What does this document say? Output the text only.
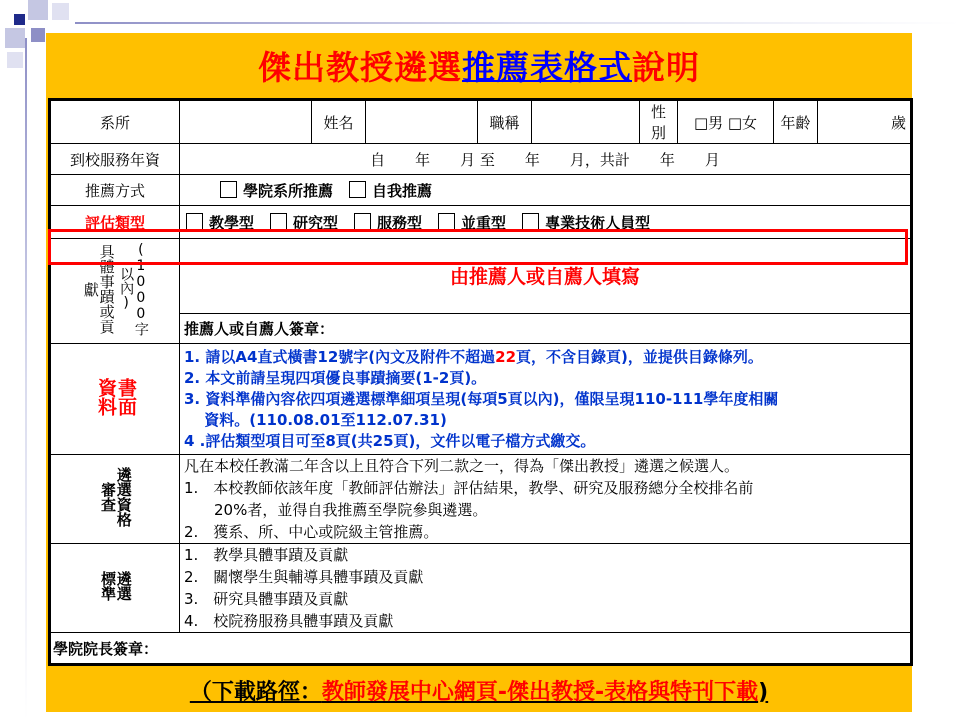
傑出教授遴選推薦表格式說明
系所		姓名		職稱		性別	□男 □女	年齡	歲
到校服務年資	自　　年　　月 至　　年　　月，共計　　年　　月								
推薦方式	學院系所推薦 自我推薦								
評估類型	教學型 研究型 服務型 並重型 專業技術人員型								
具體事蹟或貢獻 (1000字以內)	由推薦人或自薦人填寫								
	推薦人或自薦人簽章：								
書面資料	1. 請以A4直式橫書12號字(內文及附件不超過22頁，不含目錄頁)，並提供目錄條列。
2. 本文前請呈現四項優良事蹟摘要(1-2頁)。
3. 資料準備內容依四項遴選標準細項呈現(每項5頁以內)，僅限呈現110-111學年度相關
　 資料。(110.08.01至112.07.31)
4 .評估類型項目可至8頁(共25頁)，文件以電子檔方式繳交。								

遴選資格審查	凡在本校任教滿二年含以上且符合下列二款之一，得為「傑出教授」遴選之候選人。
1.　本校教師依該年度「教師評估辦法」評估結果，教學、研究及服務總分全校排名前
　　20%者，並得自我推薦至學院參與遴選。
2.　獲系、所、中心或院級主管推薦。								

遴選標準	1.　教學具體事蹟及貢獻
2.　關懷學生與輔導具體事蹟及貢獻
3.　研究具體事蹟及貢獻
4.　校院務服務具體事蹟及貢獻								

學院院長簽章：									
（下載路徑：教師發展中心網頁-傑出教授-表格與特刊下載)
